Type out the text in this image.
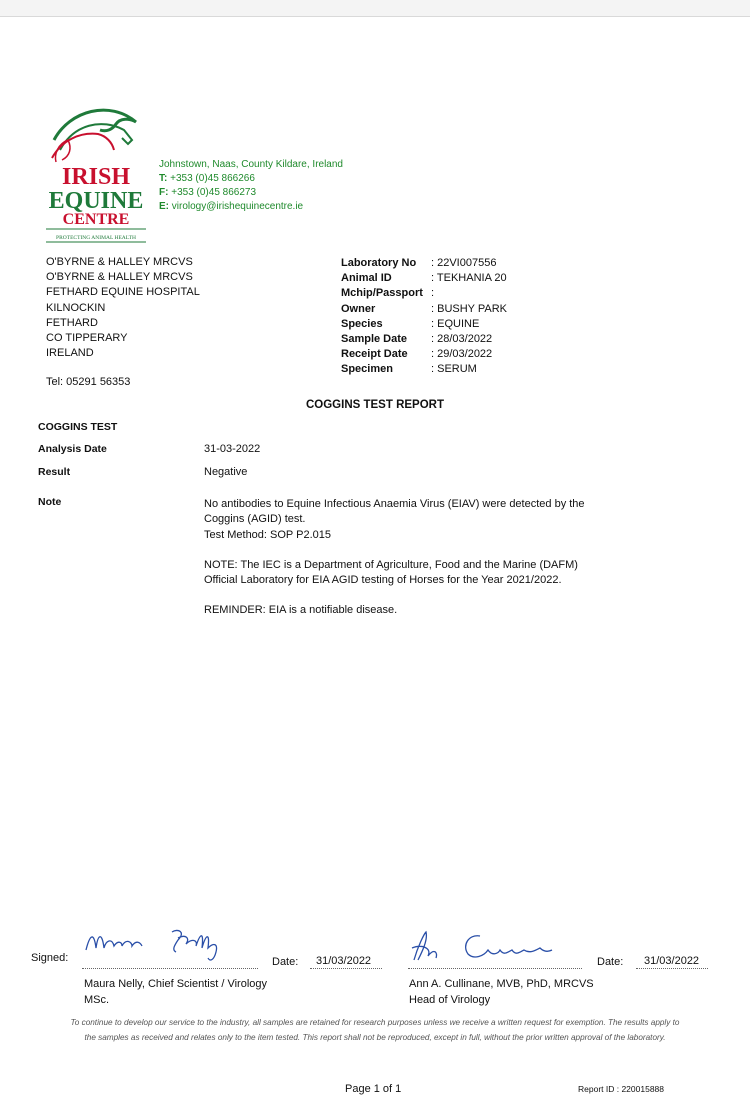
IRISH
EQUINE
CENTRE
PROTECTING ANIMAL HEALTH
Johnstown, Naas, County Kildare, Ireland
T: +353 (0)45 866266
F: +353 (0)45 866273
E: virology@irishequinecentre.ie
O'BYRNE & HALLEY MRCVS
O'BYRNE & HALLEY MRCVS
FETHARD EQUINE HOSPITAL
KILNOCKIN
FETHARD
CO TIPPERARY
IRELAND
Tel: 05291 56353
Laboratory No	: 22VI007556
Animal ID	: TEKHANIA 20
Mchip/Passport :
Owner	: BUSHY PARK
Species	: EQUINE
Sample Date	: 28/03/2022
Receipt Date	: 29/03/2022
Specimen	: SERUM
COGGINS TEST REPORT
COGGINS TEST
Analysis Date	31-03-2022
Result	Negative
Note	No antibodies to Equine Infectious Anaemia Virus (EIAV) were detected by the Coggins (AGID) test.
Test Method: SOP P2.015

NOTE: The IEC is a Department of Agriculture, Food and the Marine (DAFM) Official Laboratory for EIA AGID testing of Horses for the Year 2021/2022.

REMINDER: EIA is a notifiable disease.

Signed:	Date: 31/03/2022
Maura Nelly, Chief Scientist / Virology
MSc.
Date: 31/03/2022
Ann A. Cullinane, MVB, PhD, MRCVS
Head of Virology
To continue to develop our service to the industry, all samples are retained for research purposes unless we receive a written request for exemption. The results apply to the samples as received and relates only to the item tested. This report shall not be reproduced, except in full, without the prior written approval of the laboratory.
Page 1 of 1	Report ID : 220015888
